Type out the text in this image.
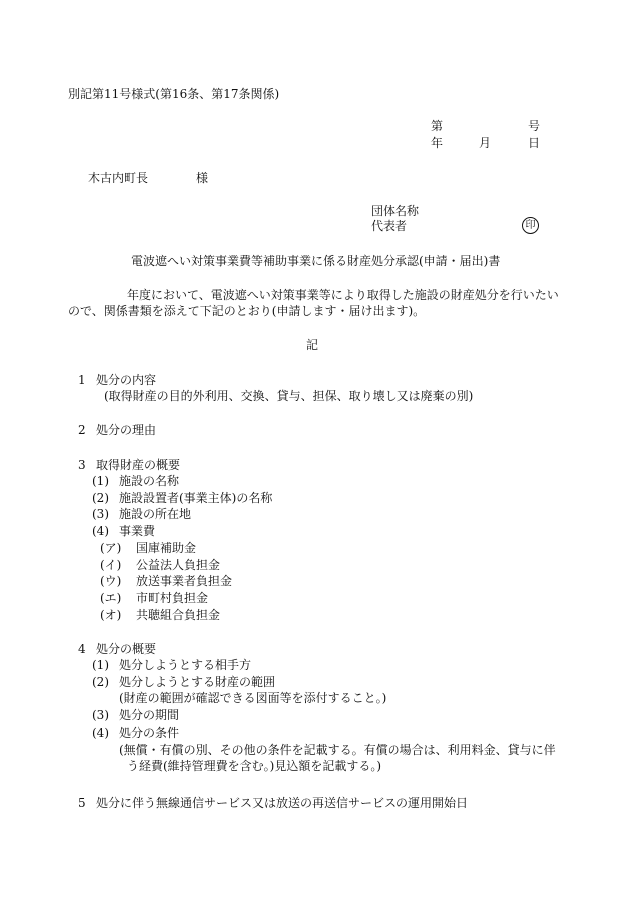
別記第11号様式(第16条、第17条関係)
第	号
年	月	日
木古内町長	様
団体名称
代表者	印
電波遮へい対策事業費等補助事業に係る財産処分承認(申請・届出)書
年度において、電波遮へい対策事業等により取得した施設の財産処分を行いたい
ので、関係書類を添えて下記のとおり(申請します・届け出ます)。
記
1 処分の内容
(取得財産の目的外利用、交換、貸与、担保、取り壊し又は廃棄の別)
2 処分の理由
3 取得財産の概要
(1) 施設の名称
(2) 施設設置者(事業主体)の名称
(3) 施設の所在地
(4) 事業費
(ア) 国庫補助金
(イ) 公益法人負担金
(ウ) 放送事業者負担金
(エ) 市町村負担金
(オ) 共聴組合負担金
4 処分の概要
(1) 処分しようとする相手方
(2) 処分しようとする財産の範囲
(財産の範囲が確認できる図面等を添付すること。)
(3) 処分の期間
(4) 処分の条件
(無償・有償の別、その他の条件を記載する。有償の場合は、利用料金、貸与に伴
う経費(維持管理費を含む。)見込額を記載する。)
5 処分に伴う無線通信サービス又は放送の再送信サービスの運用開始日
